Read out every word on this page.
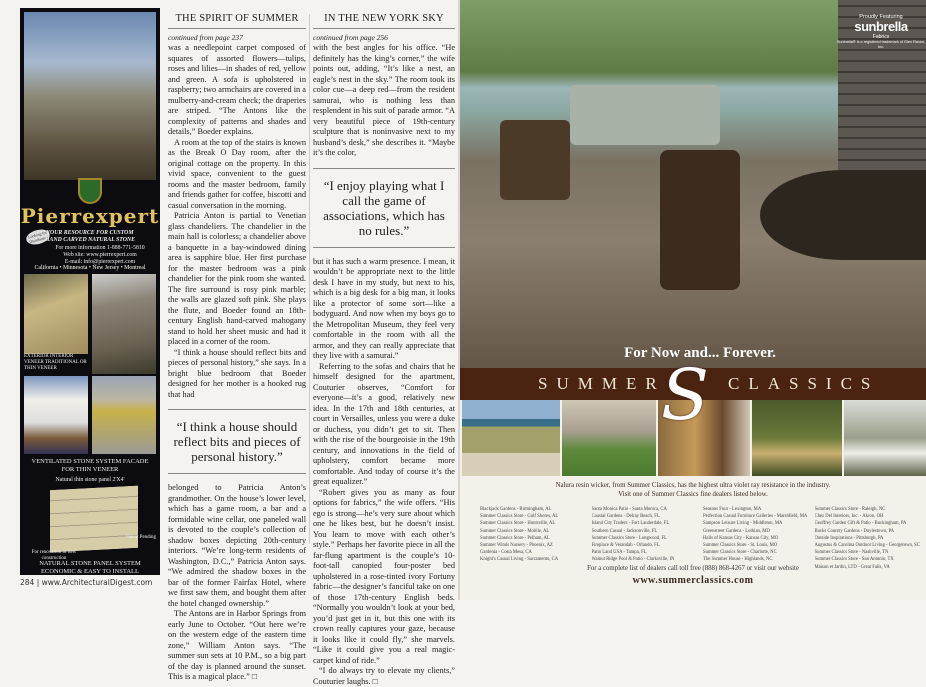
Pierrexpert
Looking for Distributors
YOUR RESOURCE FOR CUSTOM
HAND CARVED NATURAL STONE
For more information 1-888-771-5810
Web site: www.pierrexpert.com
E-mail: info@pierrexpert.com
California • Minnesota • New Jersey • Montreal
EXTERIOR INTERIOR VENEER TRADITIONAL OR THIN VENEER
VENTILATED STONE SYSTEM FACADE FOR THIN VENEER
Natural thin stone panel 2'X4'
Patent Pending
For renovation or new construction
NATURAL STONE PANEL SYSTEM ECONOMIC & EASY TO INSTALL
284 | www.ArchitecturalDigest.com
THE SPIRIT OF SUMMER
continued from page 237

was a needlepoint carpet composed of squares of assorted flowers—tulips, roses and lilies—in shades of red, yellow and green. A sofa is upholstered in raspberry; two armchairs are covered in a mulberry-and-cream check; the draperies are striped. “The Antons like the complexity of patterns and shades and details,” Boeder explains.

A room at the top of the stairs is known as the Break O Day room, after the original cottage on the property. In this vivid space, convenient to the guest rooms and the master bedroom, family and friends gather for coffee, biscotti and casual conversation in the morning.

Patricia Anton is partial to Venetian glass chandeliers. The chandelier in the main hall is colorless; a chandelier above a banquette in a bay-windowed dining area is sapphire blue. Her first purchase for the master bedroom was a pink chandelier for the pink room she wanted. The fire surround is rosy pink marble; the walls are glazed soft pink. She plays the flute, and Boeder found an 18th-century English hand-carved mahogany stand to hold her sheet music and had it placed in a corner of the room.

“I think a house should reflect bits and pieces of personal history,” she says. In a bright blue bedroom that Boeder designed for her mother is a hooked rug that had

“I think a house should reflect bits and pieces of personal history.”

belonged to Patricia Anton’s grandmother. On the house’s lower level, which has a game room, a bar and a formidable wine cellar, one paneled wall is devoted to the couple’s collection of shadow boxes depicting 20th-century interiors. “We’re long-term residents of Washington, D.C.,” Patricia Anton says. “We admired the shadow boxes in the bar of the former Fairfax Hotel, where we first saw them, and bought them after the hotel changed ownership.”

The Antons are in Harbor Springs from early June to October. “Out here we’re on the western edge of the eastern time zone,” William Anton says. “The summer sun sets at 10 P.M., so a big part of the day is planned around the sunset. This is a magical place.” □

IN THE NEW YORK SKY
continued from page 256

with the best angles for his office. “He definitely has the king’s corner,” the wife points out, adding, “It’s like a nest, an eagle’s nest in the sky.” The room took its color cue—a deep red—from the resident samurai, who is nothing less than resplendent in his suit of parade armor. “A very beautiful piece of 19th-century sculpture that is noninvasive next to my husband’s desk,” she describes it. “Maybe it’s the color,

“I enjoy playing what I call the game of associations, which has no rules.”

but it has such a warm presence. I mean, it wouldn’t be appropriate next to the little desk I have in my study, but next to his, which is a big desk for a big man, it looks like a protector of some sort—like a bodyguard. And now when my boys go to the Metropolitan Museum, they feel very comfortable in the room with all the armor, and they can really appreciate that they live with a samurai.”

Referring to the sofas and chairs that he himself designed for the apartment, Couturier observes, “Comfort for everyone—it’s a good, relatively new idea. In the 17th and 18th centuries, at court in Versailles, unless you were a duke or duchess, you didn’t get to sit. Then with the rise of the bourgeoisie in the 19th century, and innovations in the field of upholstery, comfort became more comfortable. And today of course it’s the great equalizer.”

“Robert gives you as many as four options for fabrics,” the wife offers. “His ego is strong—he’s very sure about which one he likes best, but he doesn’t insist. You learn to move with each other’s style.” Perhaps her favorite piece in all the far-flung apartment is the couple’s 10-foot-tall canopied four-poster bed upholstered in a rose-tinted ivory Fortuny fabric—the designer’s fanciful take on one of those 17th-century English beds. “Normally you wouldn’t look at your bed, you’d just get in it, but this one with its crown really captures your gaze, because it looks like it could fly,” she marvels. “Like it could give you a real magic-carpet kind of ride.”

“I do always try to elevate my clients,” Couturier laughs. □

For Now and... Forever.
SUMMER	CLASSICS
S
Proudly Featuring
sunbrella
Fabrics
Sunbrella® is a registered trademark of Glen Raven, Inc.
Nalura resin wicker, from Summer Classics, has the highest ultra violet ray resistance in the industry.
Visit one of Summer Classics fine dealers listed below.
Blackjack Gardens - Birmingham, AL
Summer Classics Store - Gulf Shores, AL
Summer Classics Store - Huntsville, AL
Summer Classics Store - Mobile, AL
Summer Classics Store - Pelham, AL
Summer Winds Nursery - Phoenix, AZ
Gardenia - Costa Mesa, CA
Knight's Casual Living - Sacramento, CA
Santa Monica Patio - Santa Monica, CA
Coastal Gardens - Delray Beach, FL
Island City Traders - Fort Lauderdale, FL
Southern Casual - Jacksonville, FL
Summer Classics Store - Longwood, FL
Fireplace & Verandah - Orlando, FL
Patio Land USA - Tampa, FL
Walnut Ridge Pool & Patio - Clarksville, IN
Seasons Four - Lexington, MA
Perfection Casual Furniture Galleries - Marshfield, MA
Sampson Leisure Living - Middleton, MA
Greenstreet Gardens - Lothian, MD
Halls of Kansas City - Kansas City, MO
Summer Classics Store - St. Louis, MO
Summer Classics Store - Charlotte, NC
The Summer House - Highlands, NC
Summer Classics Store - Raleigh, NC
Chez Del Interiors, Inc. - Akron, OH
Geoffrey Garden Gift & Patio - Buckingham, PA
Bucks Country Gardens - Doylestown, PA
Outside Inspirations - Pittsburgh, PA
Augustus & Carolina Outdoor Living - Georgetown, SC
Summer Classics Store - Nashville, TN
Summer Classics Store - San Antonio, TX
Maison et Jardin, LTD - Great Falls, VA
For a complete list of dealers call toll free (888) 868-4267 or visit our website
www.summerclassics.com
